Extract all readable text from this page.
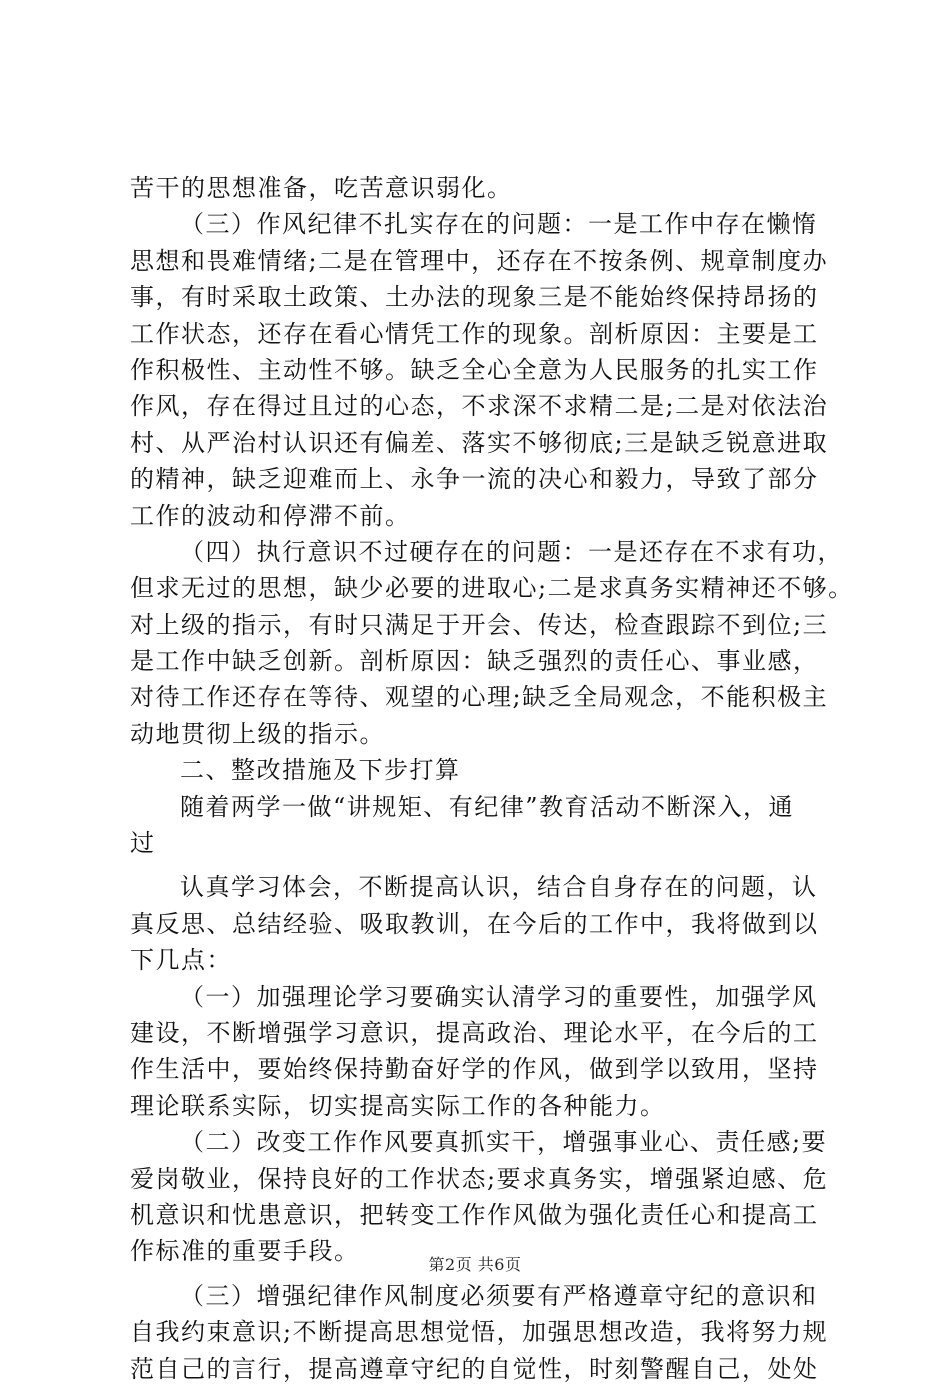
苦干的思想准备，吃苦意识弱化。
（三）作风纪律不扎实存在的问题：一是工作中存在懒惰
思想和畏难情绪;二是在管理中，还存在不按条例、规章制度办
事，有时采取土政策、土办法的现象三是不能始终保持昂扬的
工作状态，还存在看心情凭工作的现象。剖析原因：主要是工
作积极性、主动性不够。缺乏全心全意为人民服务的扎实工作
作风，存在得过且过的心态，不求深不求精二是;二是对依法治
村、从严治村认识还有偏差、落实不够彻底;三是缺乏锐意进取
的精神，缺乏迎难而上、永争一流的决心和毅力，导致了部分
工作的波动和停滞不前。
（四）执行意识不过硬存在的问题：一是还存在不求有功，
但求无过的思想，缺少必要的进取心;二是求真务实精神还不够。
对上级的指示，有时只满足于开会、传达，检查跟踪不到位;三
是工作中缺乏创新。剖析原因：缺乏强烈的责任心、事业感，
对待工作还存在等待、观望的心理;缺乏全局观念，不能积极主
动地贯彻上级的指示。
二、整改措施及下步打算
随着两学一做“讲规矩、有纪律”教育活动不断深入，通
过
认真学习体会，不断提高认识，结合自身存在的问题，认
真反思、总结经验、吸取教训，在今后的工作中，我将做到以
下几点：
（一）加强理论学习要确实认清学习的重要性，加强学风
建设，不断增强学习意识，提高政治、理论水平，在今后的工
作生活中，要始终保持勤奋好学的作风，做到学以致用，坚持
理论联系实际，切实提高实际工作的各种能力。
（二）改变工作作风要真抓实干，增强事业心、责任感;要
爱岗敬业，保持良好的工作状态;要求真务实，增强紧迫感、危
机意识和忧患意识，把转变工作作风做为强化责任心和提高工
作标准的重要手段。
（三）增强纪律作风制度必须要有严格遵章守纪的意识和
自我约束意识;不断提高思想觉悟，加强思想改造，我将努力规
范自己的言行，提高遵章守纪的自觉性，时刻警醒自己，处处
第2页 共6页
